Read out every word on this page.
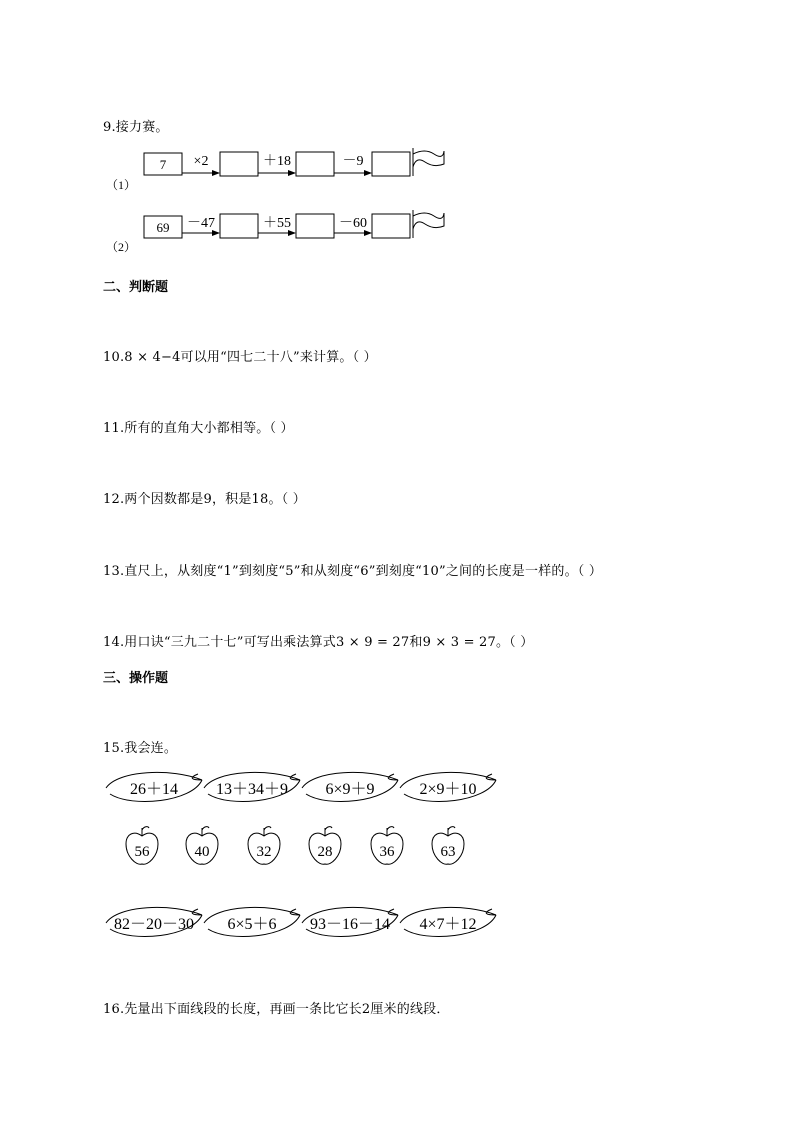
9.接力赛。
（1）
7 ×2	＋18	－9
（2）
69 －47	＋55	－60
二、判断题
10.8 × 4−4可以用“四七二十八”来计算。（ ）
11.所有的直角大小都相等。（ ）
12.两个因数都是9，积是18。（ ）
13.直尺上，从刻度“1”到刻度“5”和从刻度“6”到刻度“10”之间的长度是一样的。（ ）
14.用口诀“三九二十七”可写出乘法算式3 × 9 = 27和9 × 3 = 27。（ ）
三、操作题
15.我会连。
26＋14 13＋34＋9 6×9＋9	2×9＋10
56	40	32	28	36	63
82－20－30 6×5＋6 93－16－14 4×7＋12
16.先量出下面线段的长度，再画一条比它长2厘米的线段．
